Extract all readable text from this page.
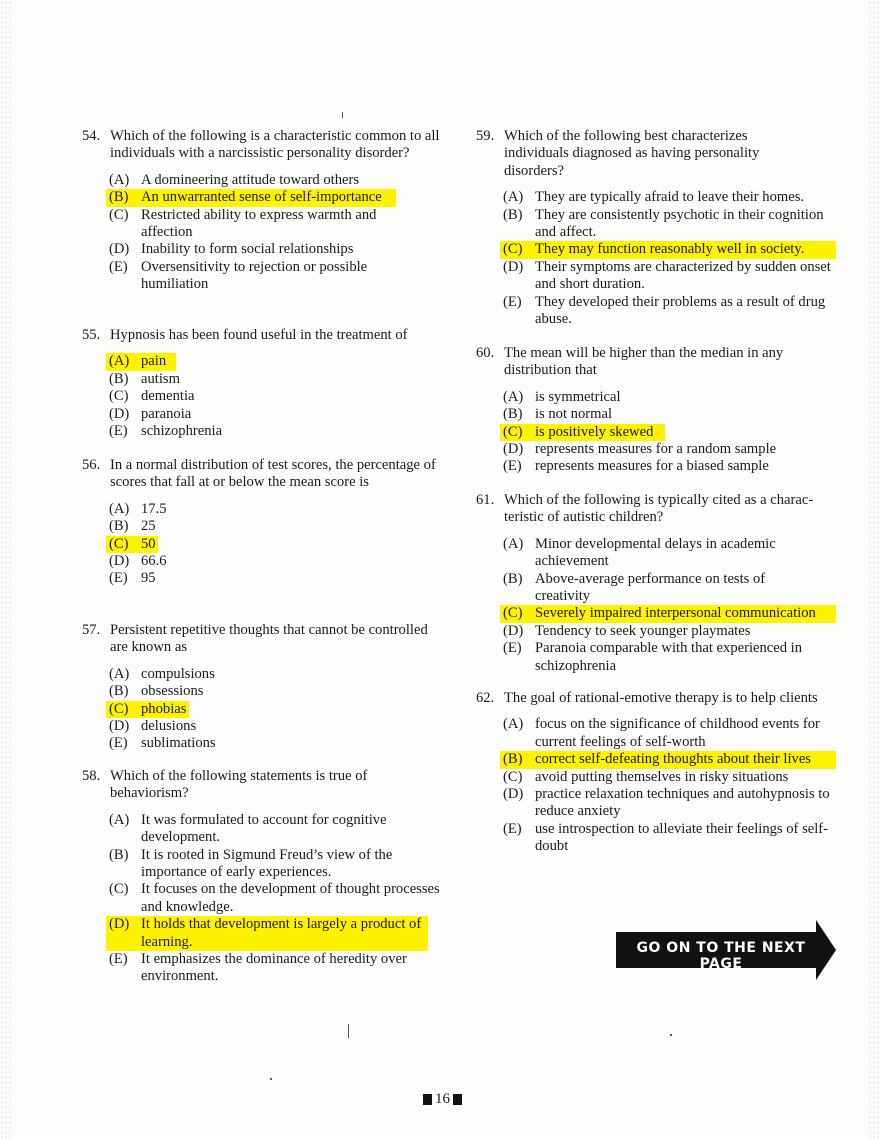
54. Which of the following is a characteristic common to all individuals with a narcissistic personality disorder?
(A) A domineering attitude toward others
(B) An unwarranted sense of self-importance
(C) Restricted ability to express warmth and affection
(D) Inability to form social relationships
(E) Oversensitivity to rejection or possible humiliation
55. Hypnosis has been found useful in the treatment of
(A) pain
(B) autism
(C) dementia
(D) paranoia
(E) schizophrenia
56. In a normal distribution of test scores, the percentage of scores that fall at or below the mean score is
(A) 17.5
(B) 25
(C) 50
(D) 66.6
(E) 95
57. Persistent repetitive thoughts that cannot be controlled are known as
(A) compulsions
(B) obsessions
(C) phobias
(D) delusions
(E) sublimations
58. Which of the following statements is true of behaviorism?
(A) It was formulated to account for cognitive development.
(B) It is rooted in Sigmund Freud’s view of the importance of early experiences.
(C) It focuses on the development of thought processes and knowledge.
(D) It holds that development is largely a product of learning.
(E) It emphasizes the dominance of heredity over environment.
59. Which of the following best characterizes individuals diagnosed as having personality disorders?
(A) They are typically afraid to leave their homes.
(B) They are consistently psychotic in their cognition and affect.
(C) They may function reasonably well in society.
(D) Their symptoms are characterized by sudden onset and short duration.
(E) They developed their problems as a result of drug abuse.
60. The mean will be higher than the median in any distribution that
(A) is symmetrical
(B) is not normal
(C) is positively skewed
(D) represents measures for a random sample
(E) represents measures for a biased sample
61. Which of the following is typically cited as a charac- teristic of autistic children?
(A) Minor developmental delays in academic achievement
(B) Above-average performance on tests of creativity
(C) Severely impaired interpersonal communication
(D) Tendency to seek younger playmates
(E) Paranoia comparable with that experienced in schizophrenia
62. The goal of rational-emotive therapy is to help clients
(A) focus on the significance of childhood events for current feelings of self-worth
(B) correct self-defeating thoughts about their lives
(C) avoid putting themselves in risky situations
(D) practice relaxation techniques and autohypnosis to reduce anxiety
(E) use introspection to alleviate their feelings of self-doubt
GO ON TO THE NEXT PAGE
16
